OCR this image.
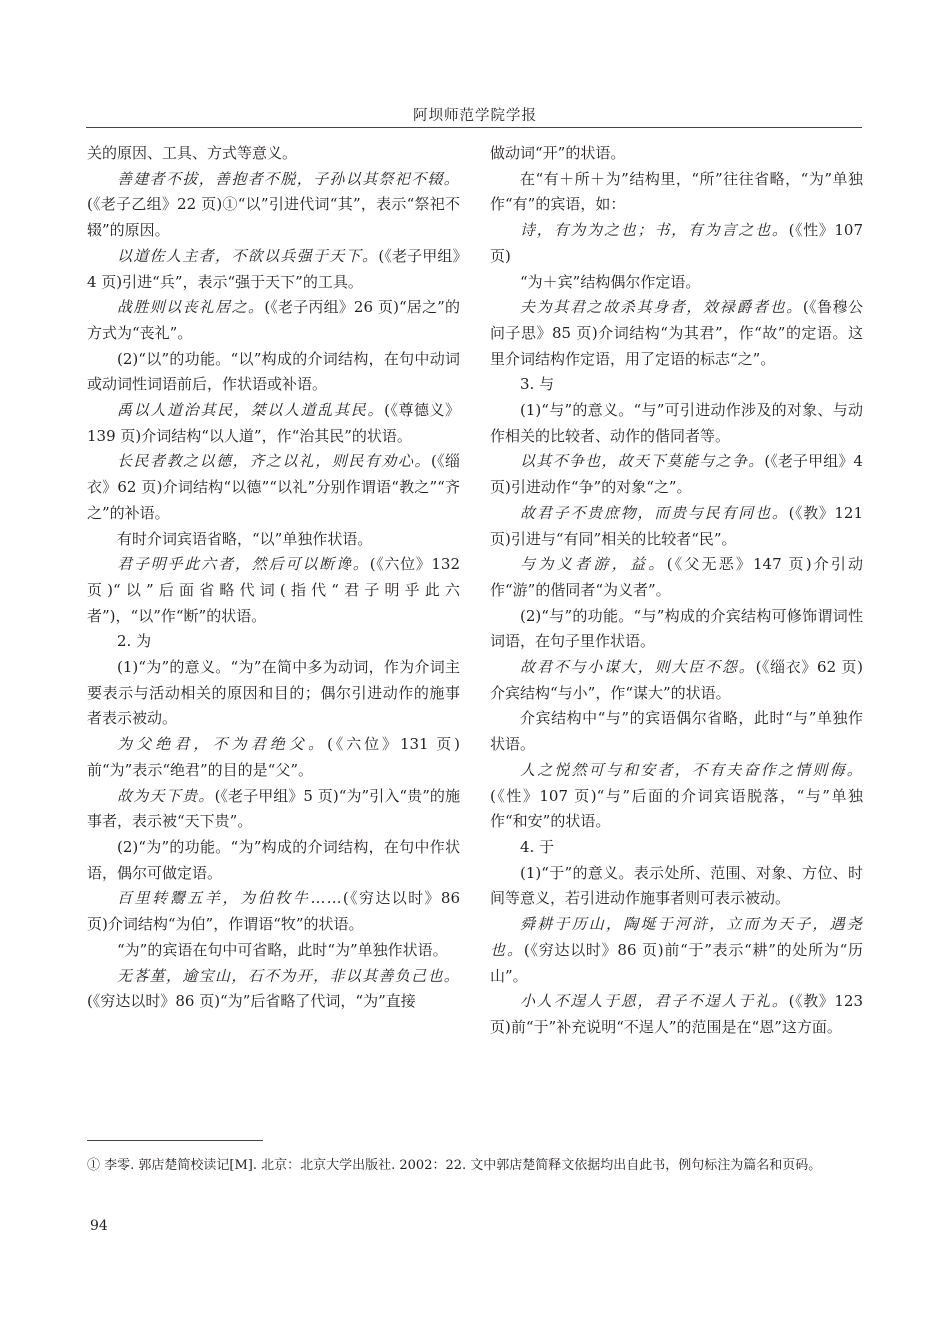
阿坝师范学院学报

关的原因、工具、方式等意义。

善建者不拔，善抱者不脱，子孙以其祭祀不辍。(《老子乙组》22 页)①“以”引进代词“其”，表示“祭祀不辍”的原因。

以道佐人主者，不欲以兵强于天下。(《老子甲组》4 页)引进“兵”，表示“强于天下”的工具。

战胜则以丧礼居之。(《老子丙组》26 页)“居之”的方式为“丧礼”。

(2)“以”的功能。“以”构成的介词结构，在句中动词或动词性词语前后，作状语或补语。

禹以人道治其民，桀以人道乱其民。(《尊德义》139 页)介词结构“以人道”，作“治其民”的状语。

长民者教之以德，齐之以礼，则民有劝心。(《缁衣》62 页)介词结构“以德”“以礼”分别作谓语“教之”“齐之”的补语。

有时介词宾语省略，“以”单独作状语。

君子明乎此六者，然后可以断谗。(《六位》132 页)“以”后面省略代词(指代“君子明乎此六者”)，“以”作“断”的状语。

2. 为

(1)“为”的意义。“为”在简中多为动词，作为介词主要表示与活动相关的原因和目的；偶尔引进动作的施事者表示被动。

为父绝君，不为君绝父。(《六位》131 页)前“为”表示“绝君”的目的是“父”。

故为天下贵。(《老子甲组》5 页)“为”引入“贵”的施事者，表示被“天下贵”。

(2)“为”的功能。“为”构成的介词结构，在句中作状语，偶尔可做定语。

百里转鬻五羊，为伯牧牛……(《穷达以时》86 页)介词结构“为伯”，作谓语“牧”的状语。

“为”的宾语在句中可省略，此时“为”单独作状语。

无茖堇，逾宝山，石不为开，非以其善负己也。(《穷达以时》86 页)“为”后省略了代词，“为”直接

做动词“开”的状语。

在“有＋所＋为”结构里，“所”往往省略，“为”单独作“有”的宾语，如：

诗，有为为之也；书，有为言之也。(《性》107 页)

“为＋宾”结构偶尔作定语。

夫为其君之故杀其身者，效禄爵者也。(《鲁穆公问子思》85 页)介词结构“为其君”，作“故”的定语。这里介词结构作定语，用了定语的标志“之”。

3. 与

(1)“与”的意义。“与”可引进动作涉及的对象、与动作相关的比较者、动作的偕同者等。

以其不争也，故天下莫能与之争。(《老子甲组》4 页)引进动作“争”的对象“之”。

故君子不贵庶物，而贵与民有同也。(《教》121 页)引进与“有同”相关的比较者“民”。

与为义者游，益。(《父无恶》147 页)介引动作“游”的偕同者“为义者”。

(2)“与”的功能。“与”构成的介宾结构可修饰谓词性词语，在句子里作状语。

故君不与小谋大，则大臣不怨。(《缁衣》62 页)介宾结构“与小”，作“谋大”的状语。

介宾结构中“与”的宾语偶尔省略，此时“与”单独作状语。

人之悦然可与和安者，不有夫奋作之情则侮。(《性》107 页)“与”后面的介词宾语脱落，“与”单独作“和安”的状语。

4. 于

(1)“于”的意义。表示处所、范围、对象、方位、时间等意义，若引进动作施事者则可表示被动。

舜耕于历山，陶埏于河浒，立而为天子，遇尧也。(《穷达以时》86 页)前“于”表示“耕”的处所为“历山”。

小人不逞人于恩，君子不逞人于礼。(《教》123 页)前“于”补充说明“不逞人”的范围是在“恩”这方面。

① 李零. 郭店楚简校读记[M]. 北京：北京大学出版社. 2002：22. 文中郭店楚简释文依据均出自此书，例句标注为篇名和页码。
94
